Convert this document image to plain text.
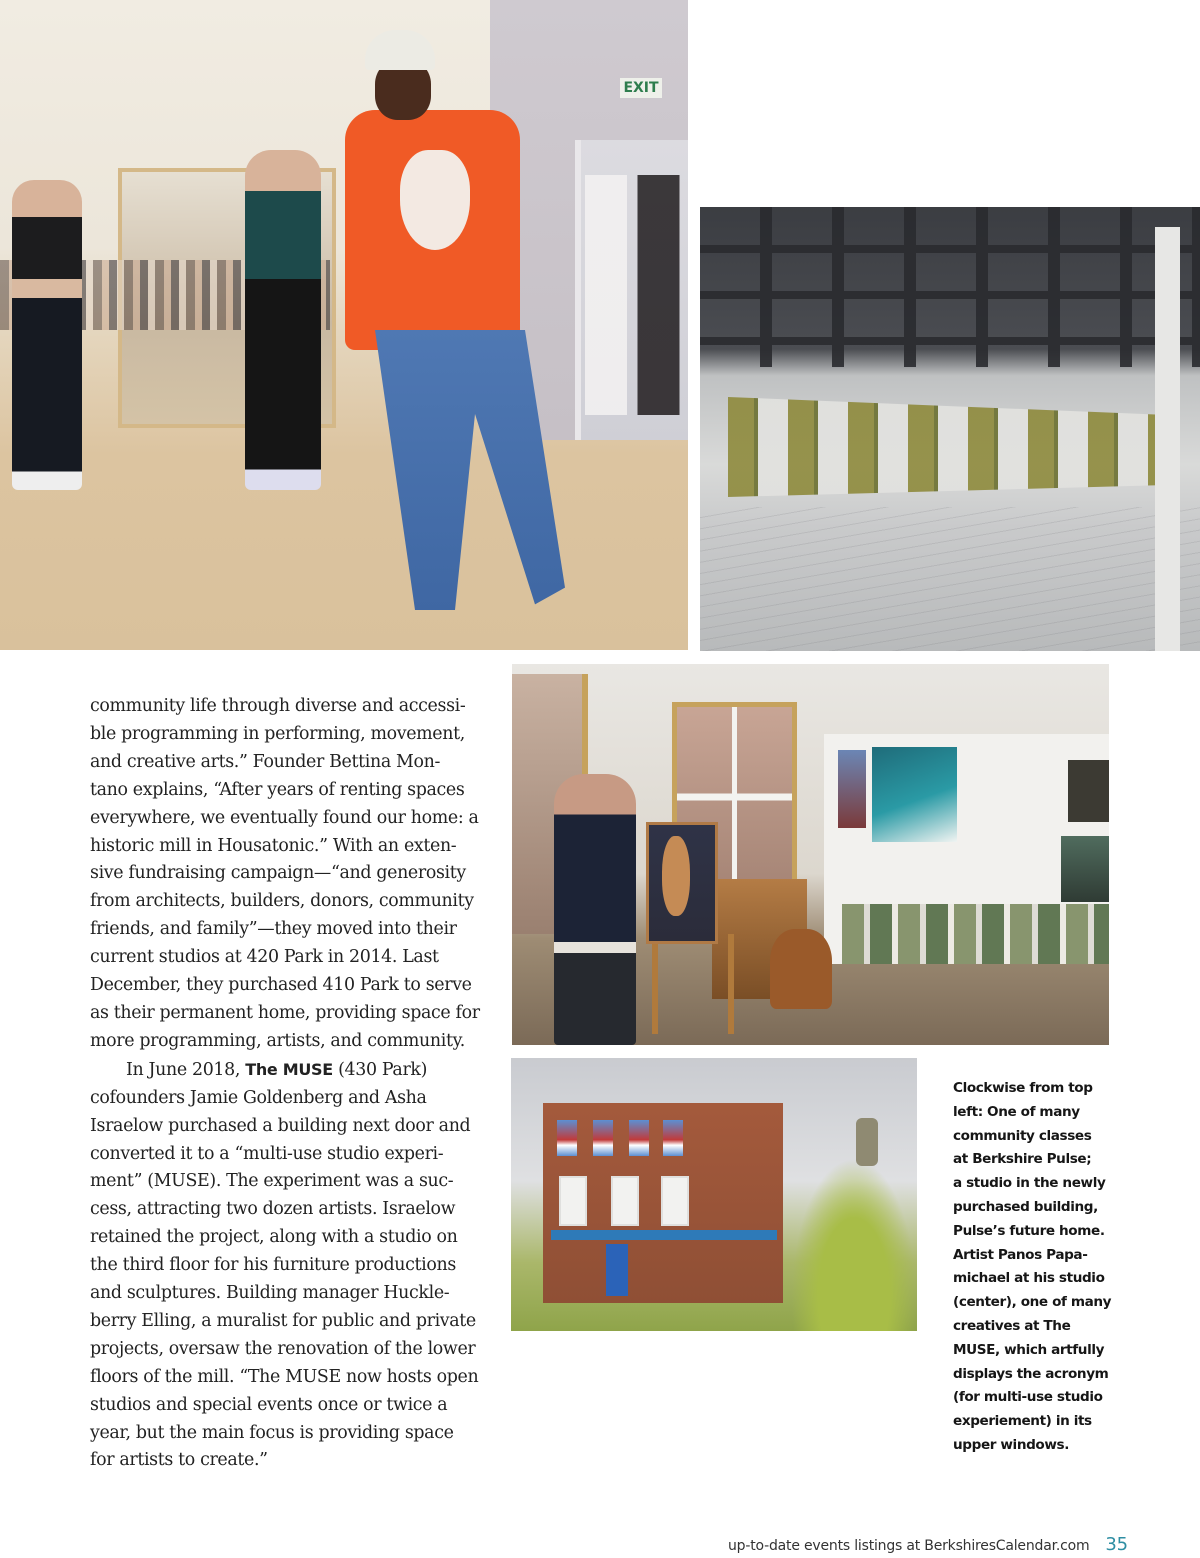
EXIT
community life through diverse and accessi-
ble programming in performing, movement,
and creative arts.” Founder Bettina Mon-
tano explains, “After years of renting spaces
everywhere, we eventually found our home: a
historic mill in Housatonic.” With an exten-
sive fundraising campaign—“and generosity
from architects, builders, donors, community
friends, and family”—they moved into their
current studios at 420 Park in 2014. Last
December, they purchased 410 Park to serve
as their permanent home, providing space for
more programming, artists, and community.
In June 2018, The MUSE (430 Park)
cofounders Jamie Goldenberg and Asha
Israelow purchased a building next door and
converted it to a “multi-use studio experi-
ment” (MUSE). The experiment was a suc-
cess, attracting two dozen artists. Israelow
retained the project, along with a studio on
the third floor for his furniture productions
and sculptures. Building manager Huckle-
berry Elling, a muralist for public and private
projects, oversaw the renovation of the lower
floors of the mill. “The MUSE now hosts open
studios and special events once or twice a
year, but the main focus is providing space
for artists to create.”
Clockwise from top
left: One of many
community classes
at Berkshire Pulse;
a studio in the newly
purchased building,
Pulse’s future home.
Artist Panos Papa-
michael at his studio
(center), one of many
creatives at The
MUSE, which artfully
displays the acronym
(for multi-use studio
experiement) in its
upper windows.
up-to-date events listings at BerkshiresCalendar.com 35
